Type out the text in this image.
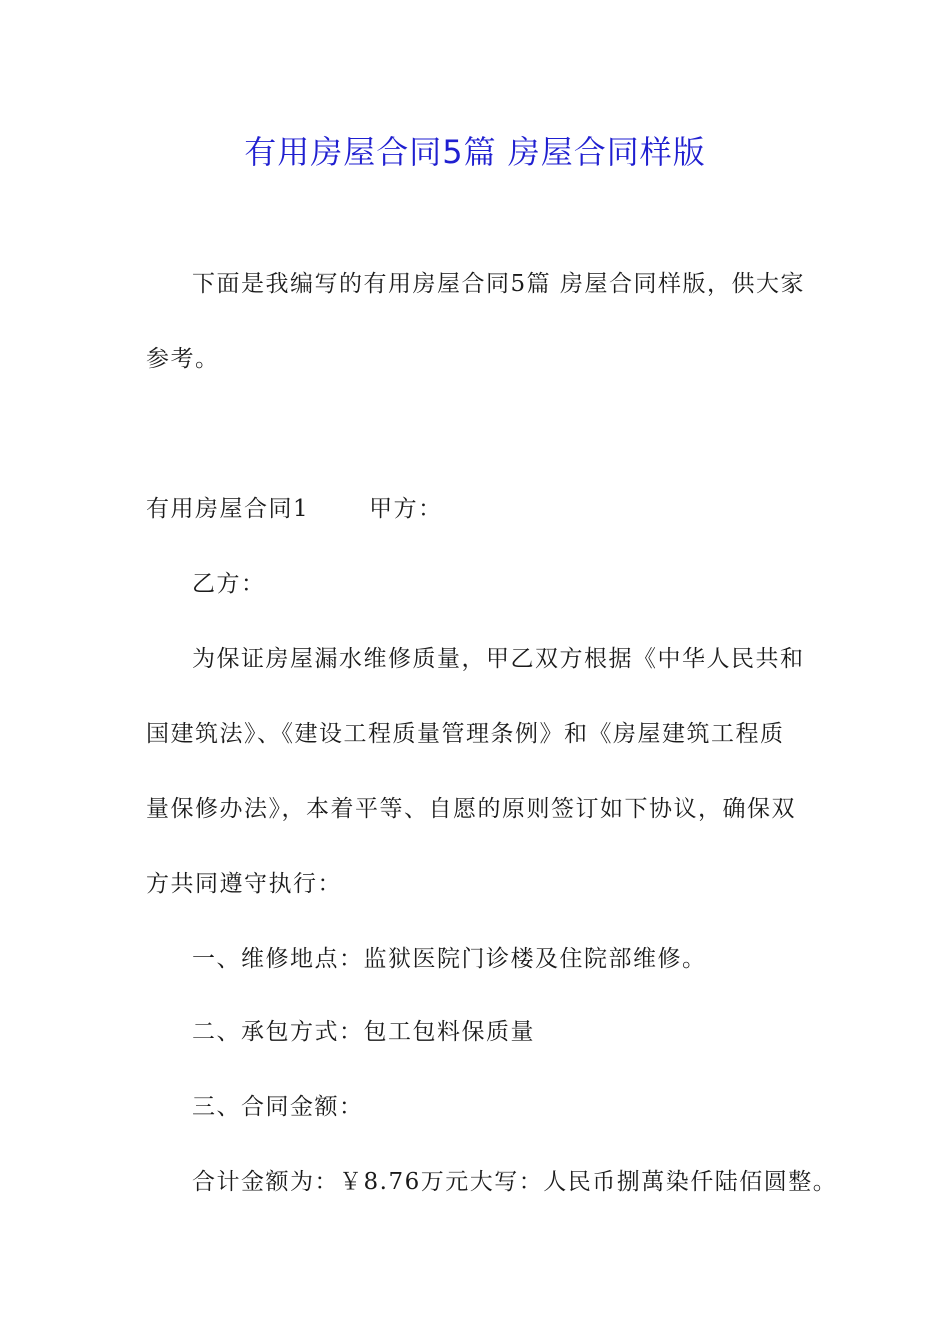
有用房屋合同5篇 房屋合同样版
下面是我编写的有用房屋合同5篇 房屋合同样版，供大家
参考。
有用房屋合同1	甲方：
乙方：
为保证房屋漏水维修质量，甲乙双方根据《中华人民共和
国建筑法》、《建设工程质量管理条例》和《房屋建筑工程质
量保修办法》，本着平等、自愿的原则签订如下协议，确保双
方共同遵守执行：
一、维修地点：监狱医院门诊楼及住院部维修。
二、承包方式：包工包料保质量
三、合同金额：
合计金额为：￥8.76万元大写：人民币捌萬染仟陆佰圆整。
